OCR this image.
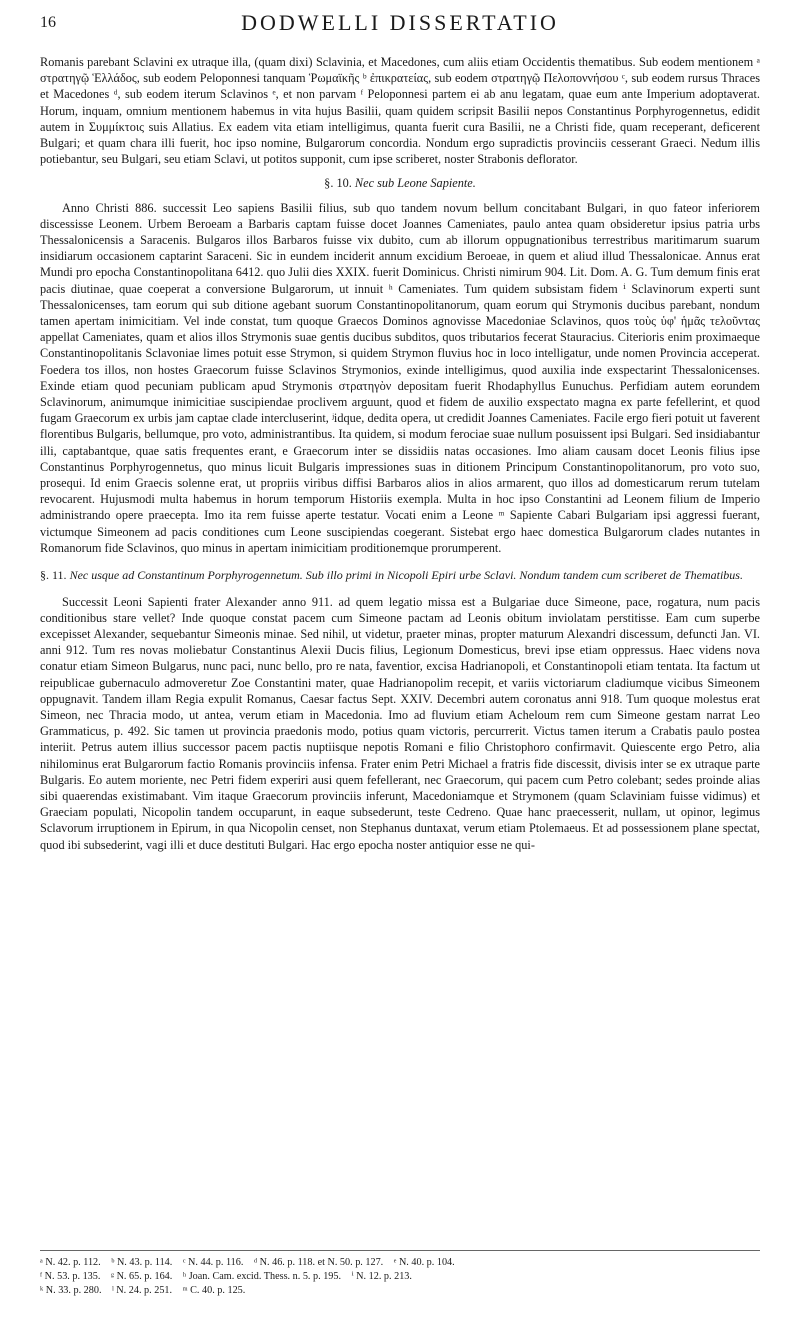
16	DODWELLI DISSERTATIO

Romanis parebant Sclavini ex utraque illa, (quam dixi) Sclavinia, et Macedones, cum aliis etiam Occidentis thematibus. Sub eodem mentionem ᵃ στρατηγῷ Ἑλλάδος, sub eodem Peloponnesi tanquam Ῥωμαϊκῆς ᵇ ἐπικρατείας, sub eodem στρατηγῷ Πελοποννήσου ᶜ, sub eodem rursus Thraces et Macedones ᵈ, sub eodem iterum Sclavinos ᵉ, et non parvam ᶠ Peloponnesi partem ei ab anu legatam, quae eum ante Imperium adoptaverat. Horum, inquam, omnium mentionem habemus in vita hujus Basilii, quam quidem scripsit Basilii nepos Constantinus Porphyrogennetus, edidit autem in Συμμίκτοις suis Allatius. Ex eadem vita etiam intelligimus, quanta fuerit cura Basilii, ne a Christi fide, quam receperant, deficerent Bulgari; et quam chara illi fuerit, hoc ipso nomine, Bulgarorum concordia. Nondum ergo supradictis provinciis cesserant Graeci. Nedum illis potiebantur, seu Bulgari, seu etiam Sclavi, ut potitos supponit, cum ipse scriberet, noster Strabonis deflorator.

§. 10. Nec sub Leone Sapiente.

Anno Christi 886. successit Leo sapiens Basilii filius, sub quo tandem novum bellum concitabant Bulgari, in quo fateor inferiorem discessisse Leonem. Urbem Beroeam a Barbaris captam fuisse docet Joannes Cameniates, paulo antea quam obsideretur ipsius patria urbs Thessalonicensis a Saracenis. Bulgaros illos Barbaros fuisse vix dubito, cum ab illorum oppugnationibus terrestribus maritimarum suarum insidiarum occasionem captarint Saraceni. Sic in eundem inciderit annum excidium Beroeae, in quem et aliud illud Thessalonicae. Annus erat Mundi pro epocha Constantinopolitana 6412. quo Julii dies XXIX. fuerit Dominicus. Christi nimirum 904. Lit. Dom. A. G. Tum demum finis erat pacis diutinae, quae coeperat a conversione Bulgarorum, ut innuit ʰ Cameniates. Tum quidem subsistam fidem ⁱ Sclavinorum experti sunt Thessalonicenses, tam eorum qui sub ditione agebant suorum Constantinopolitanorum, quam eorum qui Strymonis ducibus parebant, nondum tamen apertam inimicitiam. Vel inde constat, tum quoque Graecos Dominos agnovisse Macedoniae Sclavinos, quos τοὺς ὑφ' ἡμᾶς τελοῦντας appellat Cameniates, quam et alios illos Strymonis suae gentis ducibus subditos, quos tributarios fecerat Stauracius. Citerioris enim proximaeque Constantinopolitanis Sclavoniae limes potuit esse Strymon, si quidem Strymon fluvius hoc in loco intelligatur, unde nomen Provincia acceperat. Foedera tos illos, non hostes Graecorum fuisse Sclavinos Strymonios, exinde intelligimus, quod auxilia inde exspectarint Thessalonicenses. Exinde etiam quod pecuniam publicam apud Strymonis στρατηγὸν depositam fuerit Rhodaphyllus Eunuchus. Perfidiam autem eorundem Sclavinorum, animumque inimicitiae suscipiendae proclivem arguunt, quod et fidem de auxilio exspectato magna ex parte fefellerint, et quod fugam Graecorum ex urbis jam captae clade intercluserint, ʲidque, dedita opera, ut credidit Joannes Cameniates. Facile ergo fieri potuit ut faverent florentibus Bulgaris, bellumque, pro voto, administrantibus. Ita quidem, si modum ferociae suae nullum posuissent ipsi Bulgari. Sed insidiabantur illi, captabantque, quae satis frequentes erant, e Graecorum inter se dissidiis natas occasiones. Imo aliam causam docet Leonis filius ipse Constantinus Porphyrogennetus, quo minus licuit Bulgaris impressiones suas in ditionem Principum Constantinopolitanorum, pro voto suo, prosequi. Id enim Graecis solenne erat, ut propriis viribus diffisi Barbaros alios in alios armarent, quo illos ad domesticarum rerum tutelam revocarent. Hujusmodi multa habemus in horum temporum Historiis exempla. Multa in hoc ipso Constantini ad Leonem filium de Imperio administrando opere praecepta. Imo ita rem fuisse aperte testatur. Vocati enim a Leone ᵐ Sapiente Cabari Bulgariam ipsi aggressi fuerant, victumque Simeonem ad pacis conditiones cum Leone suscipiendas coegerant. Sistebat ergo haec domestica Bulgarorum clades nutantes in Romanorum fide Sclavinos, quo minus in apertam inimicitiam proditionemque prorumperent.

§. 11. Nec usque ad Constantinum Porphyrogennetum. Sub illo primi in Nicopoli Epiri urbe Sclavi. Nondum tandem cum scriberet de Thematibus.

Successit Leoni Sapienti frater Alexander anno 911. ad quem legatio missa est a Bulgariae duce Simeone, pace, rogatura, num pacis conditionibus stare vellet? Inde quoque constat pacem cum Simeone pactam ad Leonis obitum inviolatam perstitisse. Eam cum superbe excepisset Alexander, sequebantur Simeonis minae. Sed nihil, ut videtur, praeter minas, propter maturum Alexandri discessum, defuncti Jan. VI. anni 912. Tum res novas moliebatur Constantinus Alexii Ducis filius, Legionum Domesticus, brevi ipse etiam oppressus. Haec videns nova conatur etiam Simeon Bulgarus, nunc paci, nunc bello, pro re nata, faventior, excisa Hadrianopoli, et Constantinopoli etiam tentata. Ita factum ut reipublicae gubernaculo admoveretur Zoe Constantini mater, quae Hadrianopolim recepit, et variis victoriarum cladiumque vicibus Simeonem oppugnavit. Tandem illam Regia expulit Romanus, Caesar factus Sept. XXIV. Decembri autem coronatus anni 918. Tum quoque molestus erat Simeon, nec Thracia modo, ut antea, verum etiam in Macedonia. Imo ad fluvium etiam Acheloum rem cum Simeone gestam narrat Leo Grammaticus, p. 492. Sic tamen ut provincia praedonis modo, potius quam victoris, percurrerit. Victus tamen iterum a Crabatis paulo postea interiit. Petrus autem illius successor pacem pactis nuptiisque nepotis Romani e filio Christophoro confirmavit. Quiescente ergo Petro, alia nihilominus erat Bulgarorum factio Romanis provinciis infensa. Frater enim Petri Michael a fratris fide discessit, divisis inter se ex utraque parte Bulgaris. Eo autem moriente, nec Petri fidem experiri ausi quem fefellerant, nec Graecorum, qui pacem cum Petro colebant; sedes proinde alias sibi quaerendas existimabant. Vim itaque Graecorum provinciis inferunt, Macedoniamque et Strymonem (quam Sclaviniam fuisse vidimus) et Graeciam populati, Nicopolin tandem occuparunt, in eaque subsederunt, teste Cedreno. Quae hanc praecesserit, nullam, ut opinor, legimus Sclavorum irruptionem in Epirum, in qua Nicopolin censet, non Stephanus duntaxat, verum etiam Ptolemaeus. Et ad possessionem plane spectat, quod ibi subsederint, vagi illi et duce destituti Bulgari. Hac ergo epocha noster antiquior esse ne qui-

ᵃ N. 42. p. 112. ᵇ N. 43. p. 114. ᶜ N. 44. p. 116. ᵈ N. 46. p. 118. et N. 50. p. 127. ᵉ N. 40. p. 104.
ᶠ N. 53. p. 135. ᵍ N. 65. p. 164. ʰ Joan. Cam. excid. Thess. n. 5. p. 195. ⁱ N. 12. p. 213.
ᵏ N. 33. p. 280. ˡ N. 24. p. 251. ᵐ C. 40. p. 125.
